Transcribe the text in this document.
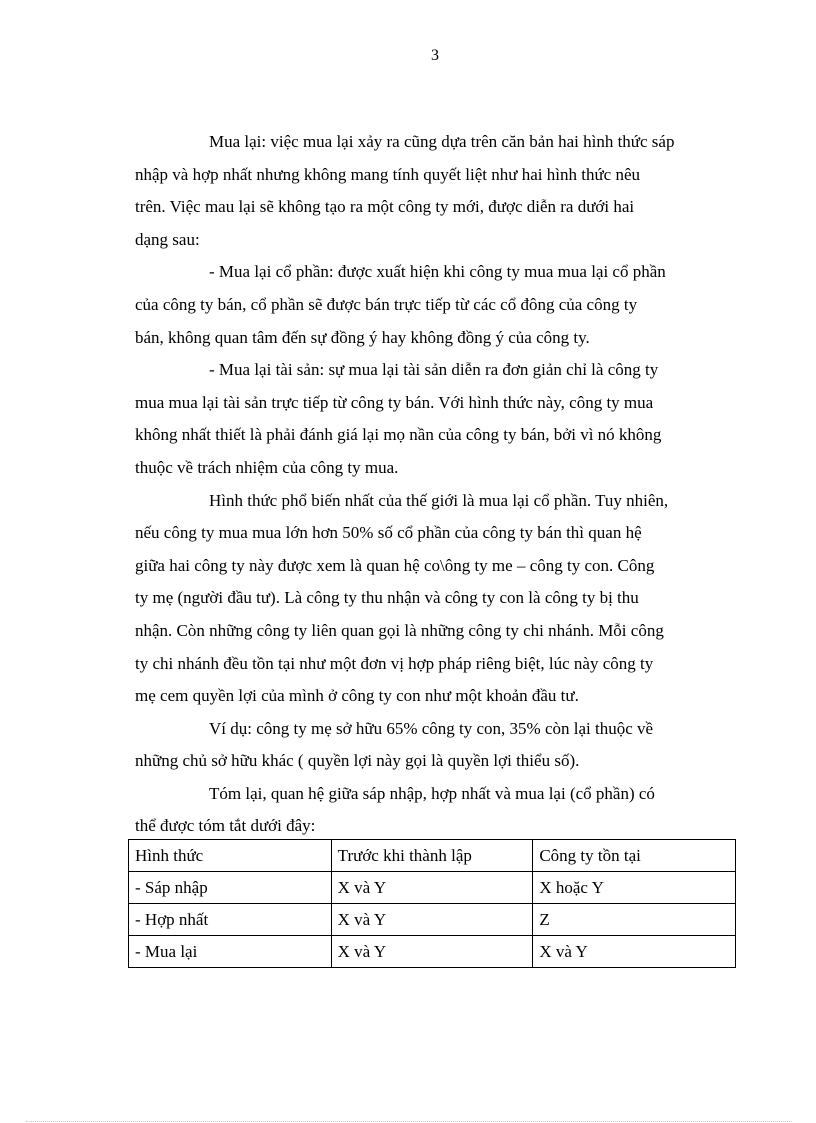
3

Mua lại: việc mua lại xảy ra cũng dựa trên căn bản hai hình thức sáp
nhập và hợp nhất nhưng không mang tính quyết liệt như hai hình thức nêu
trên. Việc mau lại sẽ không tạo ra một công ty mới, được diễn ra dưới hai
dạng sau:

- Mua lại cổ phần: được xuất hiện khi công ty mua mua lại cổ phần
của công ty bán, cổ phần sẽ được bán trực tiếp từ các cổ đông của công ty
bán, không quan tâm đến sự đồng ý hay không đồng ý của công ty.

- Mua lại tài sản: sự mua lại tài sản diễn ra đơn giản chỉ là công ty
mua mua lại tài sản trực tiếp từ công ty bán. Với hình thức này, công ty mua
không nhất thiết là phải đánh giá lại mọ nần của công ty bán, bởi vì nó không
thuộc về trách nhiệm của công ty mua.

Hình thức phổ biến nhất của thế giới là mua lại cổ phần. Tuy nhiên,
nếu công ty mua mua lớn hơn 50% số cổ phần của công ty bán thì quan hệ
giữa hai công ty này được xem là quan hệ co\ông ty me – công ty con. Công
ty mẹ (người đầu tư). Là công ty thu nhận và công ty con là công ty bị thu
nhận. Còn những công ty liên quan gọi là những công ty chi nhánh. Mỗi công
ty chi nhánh đều tồn tại như một đơn vị hợp pháp riêng biệt, lúc này công ty
mẹ cem quyền lợi của mình ở công ty con như một khoản đầu tư.

Ví dụ: công ty mẹ sở hữu 65% công ty con, 35% còn lại thuộc về
những chủ sở hữu khác ( quyền lợi này gọi là quyền lợi thiểu số).

Tóm lại, quan hệ giữa sáp nhập, hợp nhất và mua lại (cổ phần) có
thể được tóm tắt dưới đây:

Hình thức	Trước khi thành lập	Công ty tồn tại
- Sáp nhập	X và Y	X hoặc Y
- Hợp nhất	X và Y	Z
- Mua lại	X và Y	X và Y
